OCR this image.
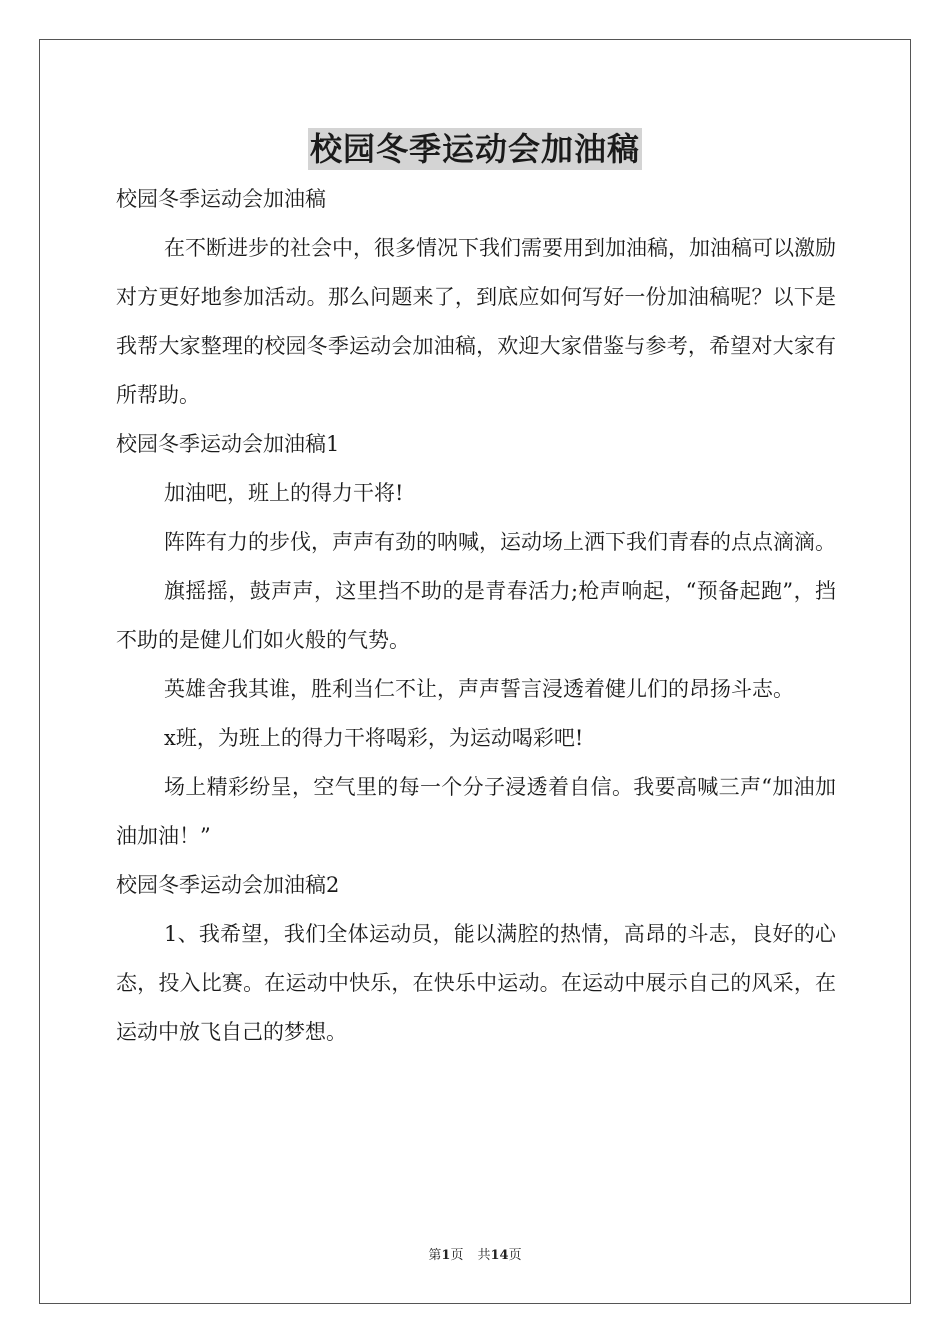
校园冬季运动会加油稿

校园冬季运动会加油稿

在不断进步的社会中，很多情况下我们需要用到加油稿，加油稿可以激励对方更好地参加活动。那么问题来了，到底应如何写好一份加油稿呢？以下是我帮大家整理的校园冬季运动会加油稿，欢迎大家借鉴与参考，希望对大家有所帮助。

校园冬季运动会加油稿1

加油吧，班上的得力干将!

阵阵有力的步伐，声声有劲的呐喊，运动场上洒下我们青春的点点滴滴。

旗摇摇，鼓声声，这里挡不助的是青春活力;枪声响起，“预备起跑”，挡不助的是健儿们如火般的气势。

英雄舍我其谁，胜利当仁不让，声声誓言浸透着健儿们的昂扬斗志。

x班，为班上的得力干将喝彩，为运动喝彩吧!

场上精彩纷呈，空气里的每一个分子浸透着自信。我要高喊三声“加油加油加油！”

校园冬季运动会加油稿2

1、我希望，我们全体运动员，能以满腔的热情，高昂的斗志，良好的心态，投入比赛。在运动中快乐，在快乐中运动。在运动中展示自己的风采，在运动中放飞自己的梦想。

第1页 共14页
